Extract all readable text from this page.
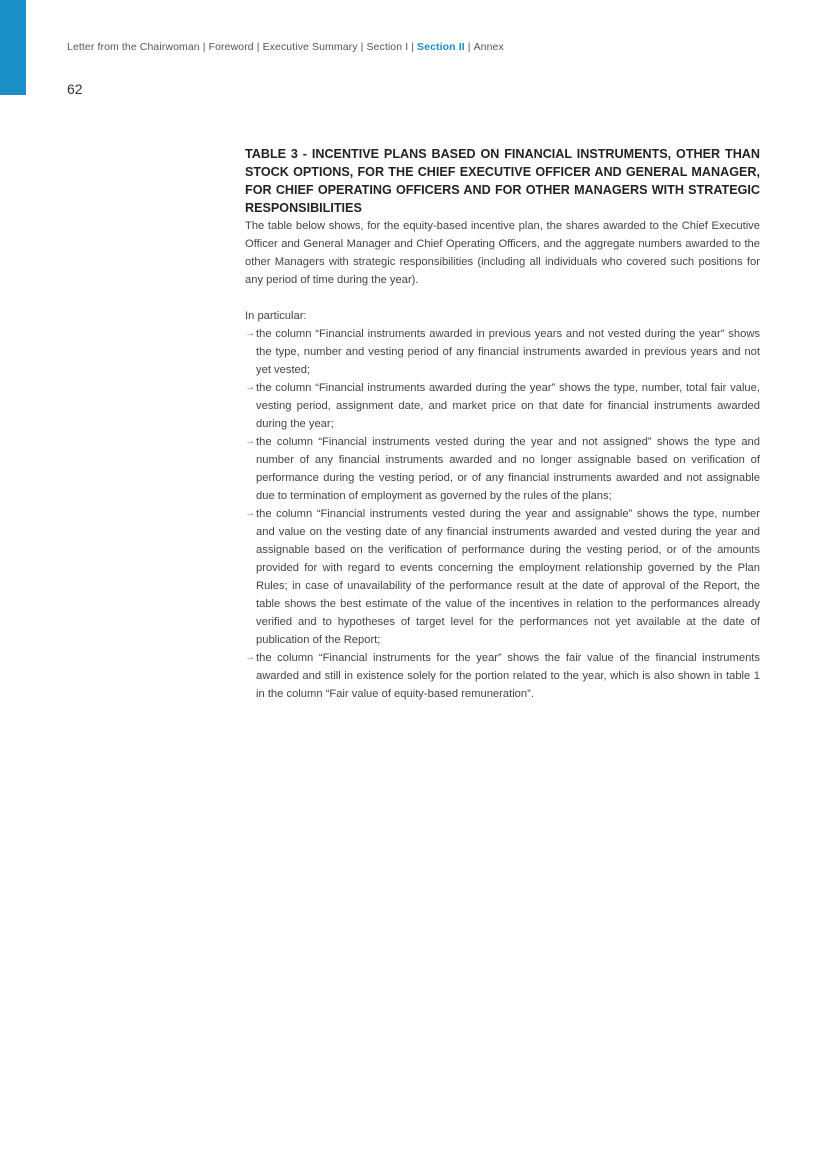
Letter from the Chairwoman | Foreword | Executive Summary | Section I | Section II | Annex
62
TABLE 3 - INCENTIVE PLANS BASED ON FINANCIAL INSTRUMENTS, OTHER THAN STOCK OPTIONS, FOR THE CHIEF EXECUTIVE OFFICER AND GENERAL MANAGER, FOR CHIEF OPERATING OFFICERS AND FOR OTHER MANAGERS WITH STRATEGIC RESPONSIBILITIES

The table below shows, for the equity-based incentive plan, the shares awarded to the Chief Executive Officer and General Manager and Chief Operating Officers, and the aggregate numbers awarded to the other Managers with strategic responsibilities (including all individuals who covered such positions for any period of time during the year).

In particular:

→ the column “Financial instruments awarded in previous years and not vested during the year” shows the type, number and vesting period of any financial instruments awarded in previous years and not yet vested;
→ the column “Financial instruments awarded during the year” shows the type, number, total fair value, vesting period, assignment date, and market price on that date for financial instruments awarded during the year;
→ the column “Financial instruments vested during the year and not assigned” shows the type and number of any financial instruments awarded and no longer assignable based on verification of performance during the vesting period, or of any financial instruments awarded and not assignable due to termination of employment as governed by the rules of the plans;
→ the column “Financial instruments vested during the year and assignable” shows the type, number and value on the vesting date of any financial instruments awarded and vested during the year and assignable based on the verification of performance during the vesting period, or of the amounts provided for with regard to events concerning the employment relationship governed by the Plan Rules; in case of unavailability of the performance result at the date of approval of the Report, the table shows the best estimate of the value of the incentives in relation to the performances already verified and to hypotheses of target level for the performances not yet available at the date of publication of the Report;
→ the column “Financial instruments for the year” shows the fair value of the financial instruments awarded and still in existence solely for the portion related to the year, which is also shown in table 1 in the column “Fair value of equity-based remuneration”.
